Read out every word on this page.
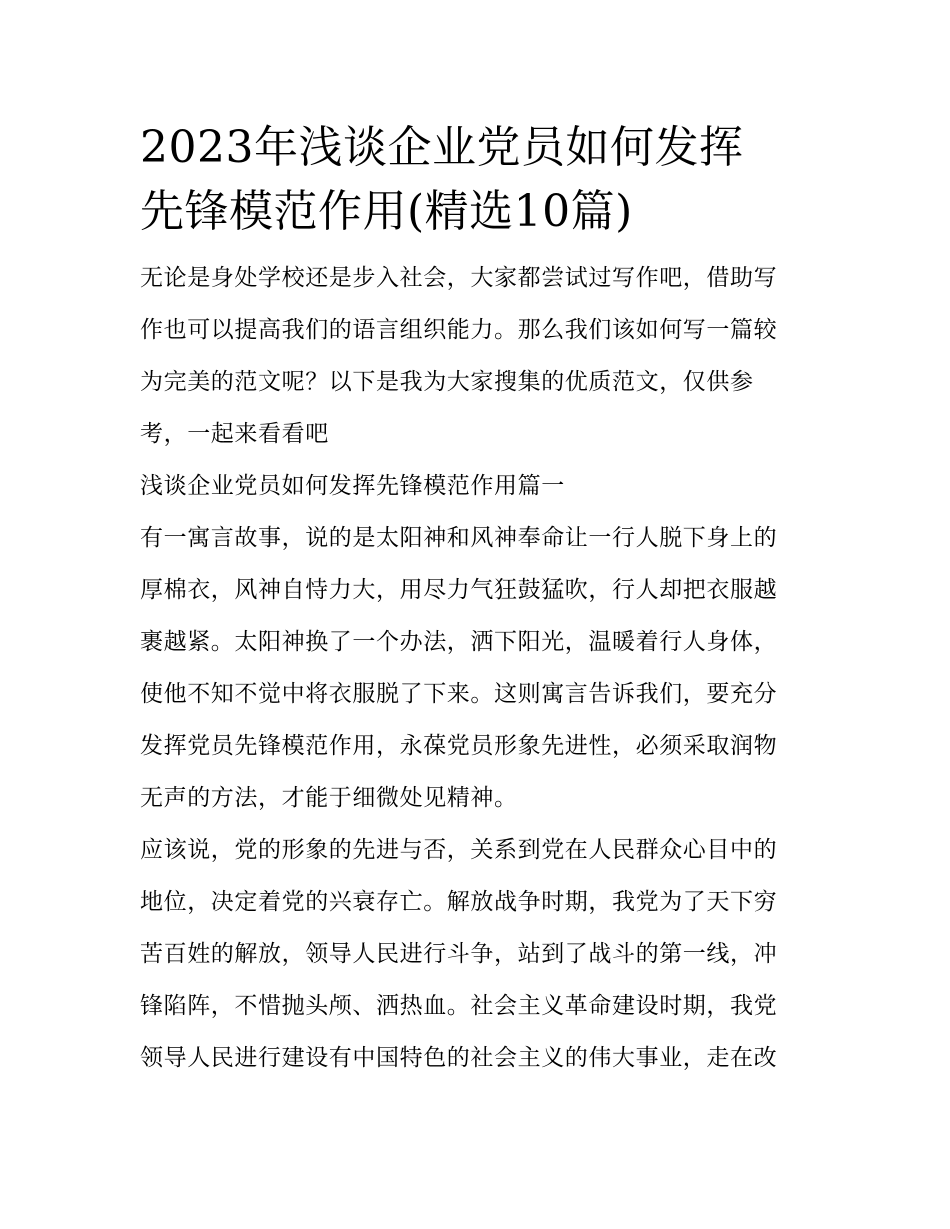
2023年浅谈企业党员如何发挥
先锋模范作用(精选10篇)
无论是身处学校还是步入社会，大家都尝试过写作吧，借助写
作也可以提高我们的语言组织能力。那么我们该如何写一篇较
为完美的范文呢？以下是我为大家搜集的优质范文，仅供参
考，一起来看看吧
浅谈企业党员如何发挥先锋模范作用篇一
有一寓言故事，说的是太阳神和风神奉命让一行人脱下身上的
厚棉衣，风神自恃力大，用尽力气狂鼓猛吹，行人却把衣服越
裹越紧。太阳神换了一个办法，洒下阳光，温暖着行人身体，
使他不知不觉中将衣服脱了下来。这则寓言告诉我们，要充分
发挥党员先锋模范作用，永葆党员形象先进性，必须采取润物
无声的方法，才能于细微处见精神。
应该说，党的形象的先进与否，关系到党在人民群众心目中的
地位，决定着党的兴衰存亡。解放战争时期，我党为了天下穷
苦百姓的解放，领导人民进行斗争，站到了战斗的第一线，冲
锋陷阵，不惜抛头颅、洒热血。社会主义革命建设时期，我党
领导人民进行建设有中国特色的社会主义的伟大事业，走在改
